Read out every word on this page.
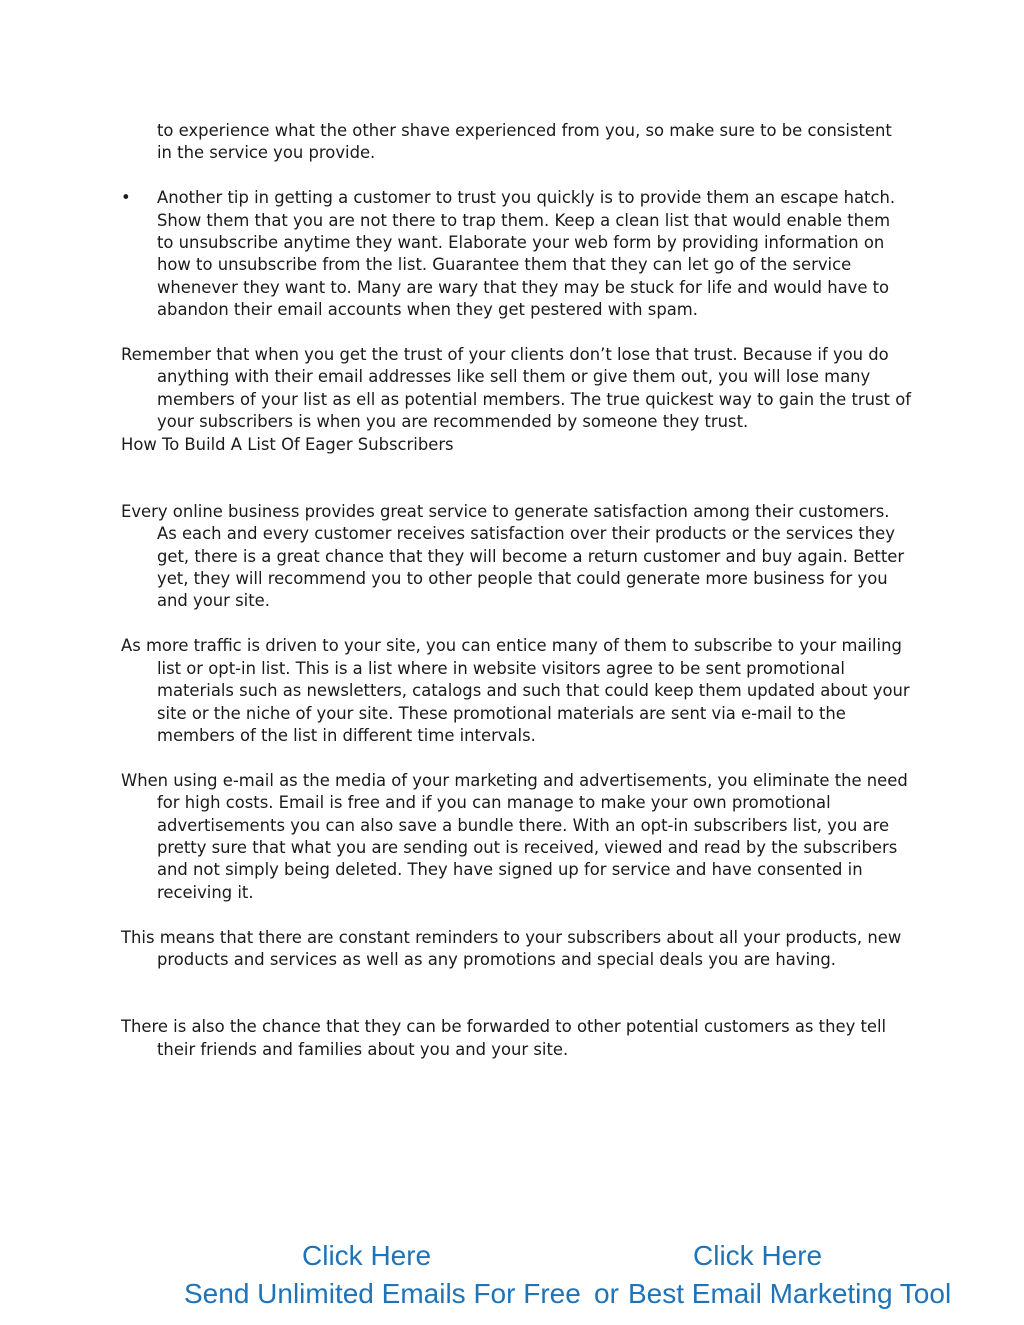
to experience what the other shave experienced from you, so make sure to be consistent in the service you provide.

• Another tip in getting a customer to trust you quickly is to provide them an escape hatch. Show them that you are not there to trap them. Keep a clean list that would enable them to unsubscribe anytime they want. Elaborate your web form by providing information on how to unsubscribe from the list. Guarantee them that they can let go of the service whenever they want to. Many are wary that they may be stuck for life and would have to abandon their email accounts when they get pestered with spam.

Remember that when you get the trust of your clients don’t lose that trust. Because if you do anything with their email addresses like sell them or give them out, you will lose many members of your list as ell as potential members. The true quickest way to gain the trust of your subscribers is when you are recommended by someone they trust.

How To Build A List Of Eager Subscribers

Every online business provides great service to generate satisfaction among their customers. As each and every customer receives satisfaction over their products or the services they get, there is a great chance that they will become a return customer and buy again. Better yet, they will recommend you to other people that could generate more business for you and your site.

As more traffic is driven to your site, you can entice many of them to subscribe to your mailing list or opt-in list. This is a list where in website visitors agree to be sent promotional materials such as newsletters, catalogs and such that could keep them updated about your site or the niche of your site. These promotional materials are sent via e-mail to the members of the list in different time intervals.

When using e-mail as the media of your marketing and advertisements, you eliminate the need for high costs. Email is free and if you can manage to make your own promotional advertisements you can also save a bundle there. With an opt-in subscribers list, you are pretty sure that what you are sending out is received, viewed and read by the subscribers and not simply being deleted. They have signed up for service and have consented in receiving it.

This means that there are constant reminders to your subscribers about all your products, new products and services as well as any promotions and special deals you are having.

There is also the chance that they can be forwarded to other potential customers as they tell their friends and families about you and your site.

Click Here	Click Here
Send Unlimited Emails For Free or Best Email Marketing Tool
